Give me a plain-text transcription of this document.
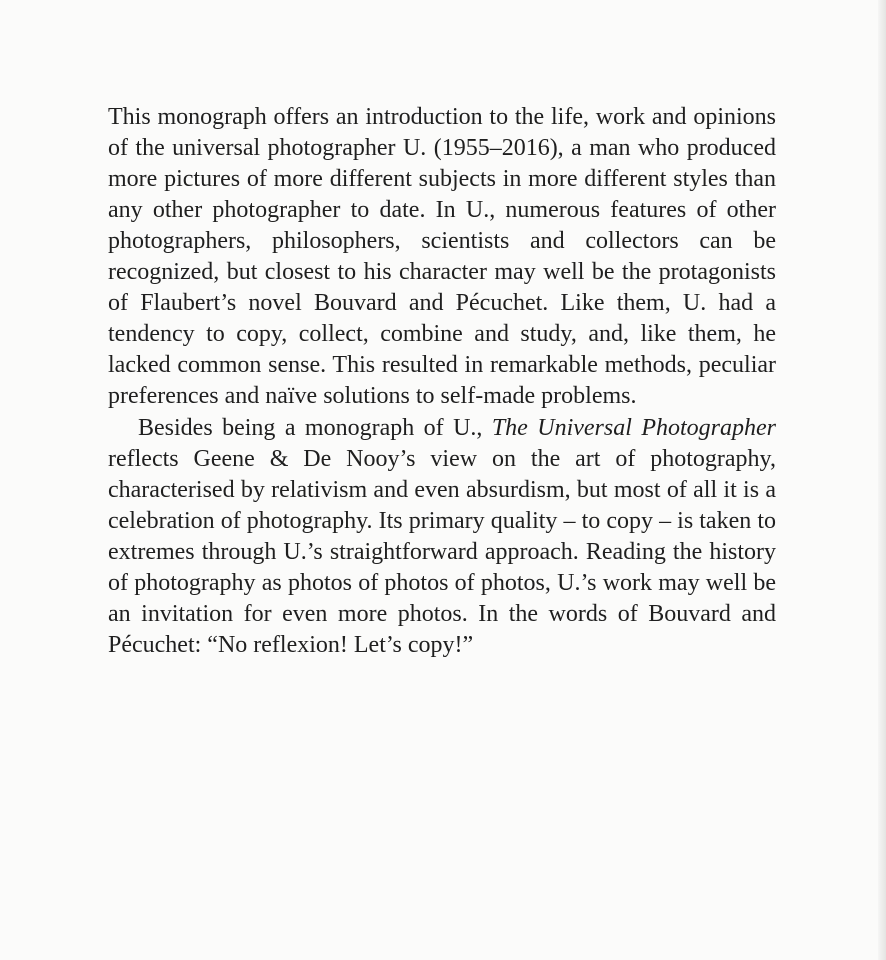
This monograph offers an introduction to the life, work and opinions of the universal photographer U. (1955–2016), a man who produced more pictures of more different subjects in more different styles than any other photographer to date. In U., numerous features of other photographers, philosophers, scientists and collectors can be recognized, but closest to his character may well be the protagonists of Flaubert’s novel Bouvard and Pécuchet. Like them, U. had a tendency to copy, collect, combine and study, and, like them, he lacked common sense. This resulted in remarkable methods, peculiar preferences and naïve solutions to self-made problems.

Besides being a monograph of U., The Universal Photographer reflects Geene & De Nooy’s view on the art of photography, characterised by relativism and even absurdism, but most of all it is a celebration of photography. Its primary quality – to copy – is taken to extremes through U.’s straightforward approach. Reading the history of photography as photos of photos of photos, U.’s work may well be an invitation for even more photos. In the words of Bouvard and Pécuchet: “No reflexion! Let’s copy!”
